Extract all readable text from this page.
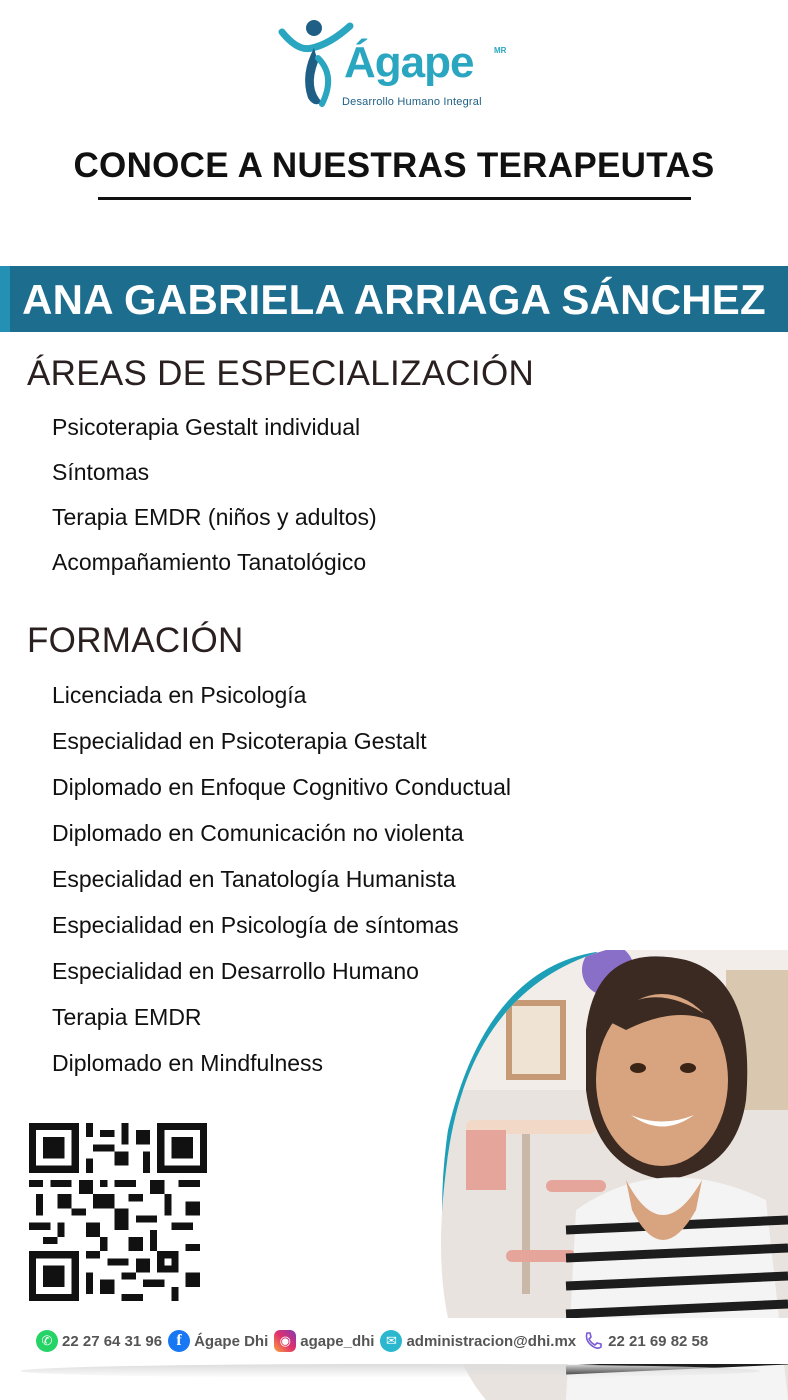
Ágape	MR
Desarrollo Humano Integral
CONOCE A NUESTRAS TERAPEUTAS
ANA GABRIELA ARRIAGA SÁNCHEZ
ÁREAS DE ESPECIALIZACIÓN
Psicoterapia Gestalt individual
Síntomas
Terapia EMDR (niños y adultos)
Acompañamiento Tanatológico
FORMACIÓN
Licenciada en Psicología
Especialidad en Psicoterapia Gestalt
Diplomado en Enfoque Cognitivo Conductual
Diplomado en Comunicación no violenta
Especialidad en Tanatología Humanista
Especialidad en Psicología de síntomas
Especialidad en Desarrollo Humano
Terapia EMDR
Diplomado en Mindfulness
✆ 22 27 64 31 96 f Ágape Dhi ◉ agape_dhi ✉ administracion@dhi.mx 22 21 69 82 58
